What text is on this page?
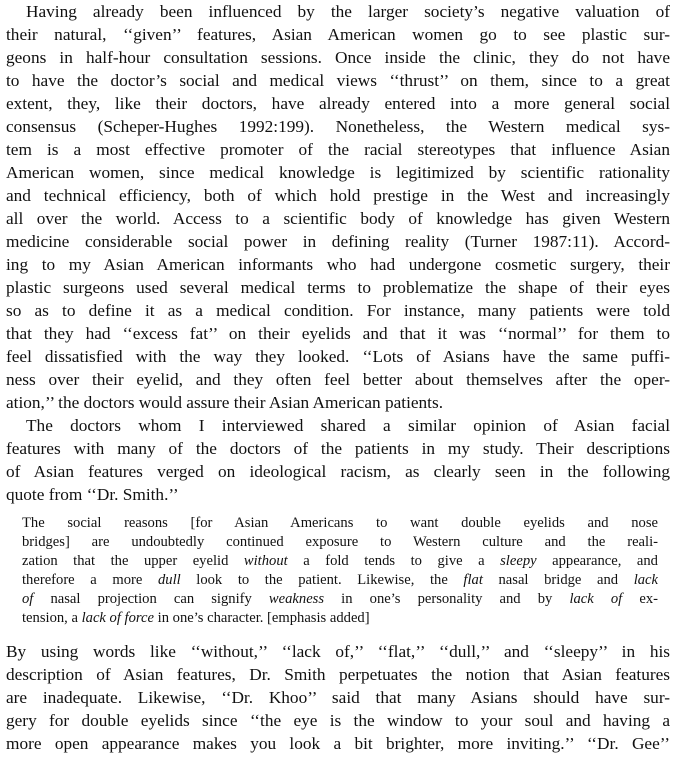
Having already been influenced by the larger society’s negative valuation of
their natural, ‘‘given’’ features, Asian American women go to see plastic sur-
geons in half-hour consultation sessions. Once inside the clinic, they do not have
to have the doctor’s social and medical views ‘‘thrust’’ on them, since to a great
extent, they, like their doctors, have already entered into a more general social
consensus (Scheper-Hughes 1992:199). Nonetheless, the Western medical sys-
tem is a most effective promoter of the racial stereotypes that influence Asian
American women, since medical knowledge is legitimized by scientific rationality
and technical efficiency, both of which hold prestige in the West and increasingly
all over the world. Access to a scientific body of knowledge has given Western
medicine considerable social power in defining reality (Turner 1987:11). Accord-
ing to my Asian American informants who had undergone cosmetic surgery, their
plastic surgeons used several medical terms to problematize the shape of their eyes
so as to define it as a medical condition. For instance, many patients were told
that they had ‘‘excess fat’’ on their eyelids and that it was ‘‘normal’’ for them to
feel dissatisfied with the way they looked. ‘‘Lots of Asians have the same puffi-
ness over their eyelid, and they often feel better about themselves after the oper-
ation,’’ the doctors would assure their Asian American patients.
The doctors whom I interviewed shared a similar opinion of Asian facial
features with many of the doctors of the patients in my study. Their descriptions
of Asian features verged on ideological racism, as clearly seen in the following
quote from ‘‘Dr. Smith.’’
The social reasons [for Asian Americans to want double eyelids and nose
bridges] are undoubtedly continued exposure to Western culture and the reali-
zation that the upper eyelid without a fold tends to give a sleepy appearance, and
therefore a more dull look to the patient. Likewise, the flat nasal bridge and lack
of nasal projection can signify weakness in one’s personality and by lack of ex-
tension, a lack of force in one’s character. [emphasis added]
By using words like ‘‘without,’’ ‘‘lack of,’’ ‘‘flat,’’ ‘‘dull,’’ and ‘‘sleepy’’ in his
description of Asian features, Dr. Smith perpetuates the notion that Asian features
are inadequate. Likewise, ‘‘Dr. Khoo’’ said that many Asians should have sur-
gery for double eyelids since ‘‘the eye is the window to your soul and having a
more open appearance makes you look a bit brighter, more inviting.’’ ‘‘Dr. Gee’’
